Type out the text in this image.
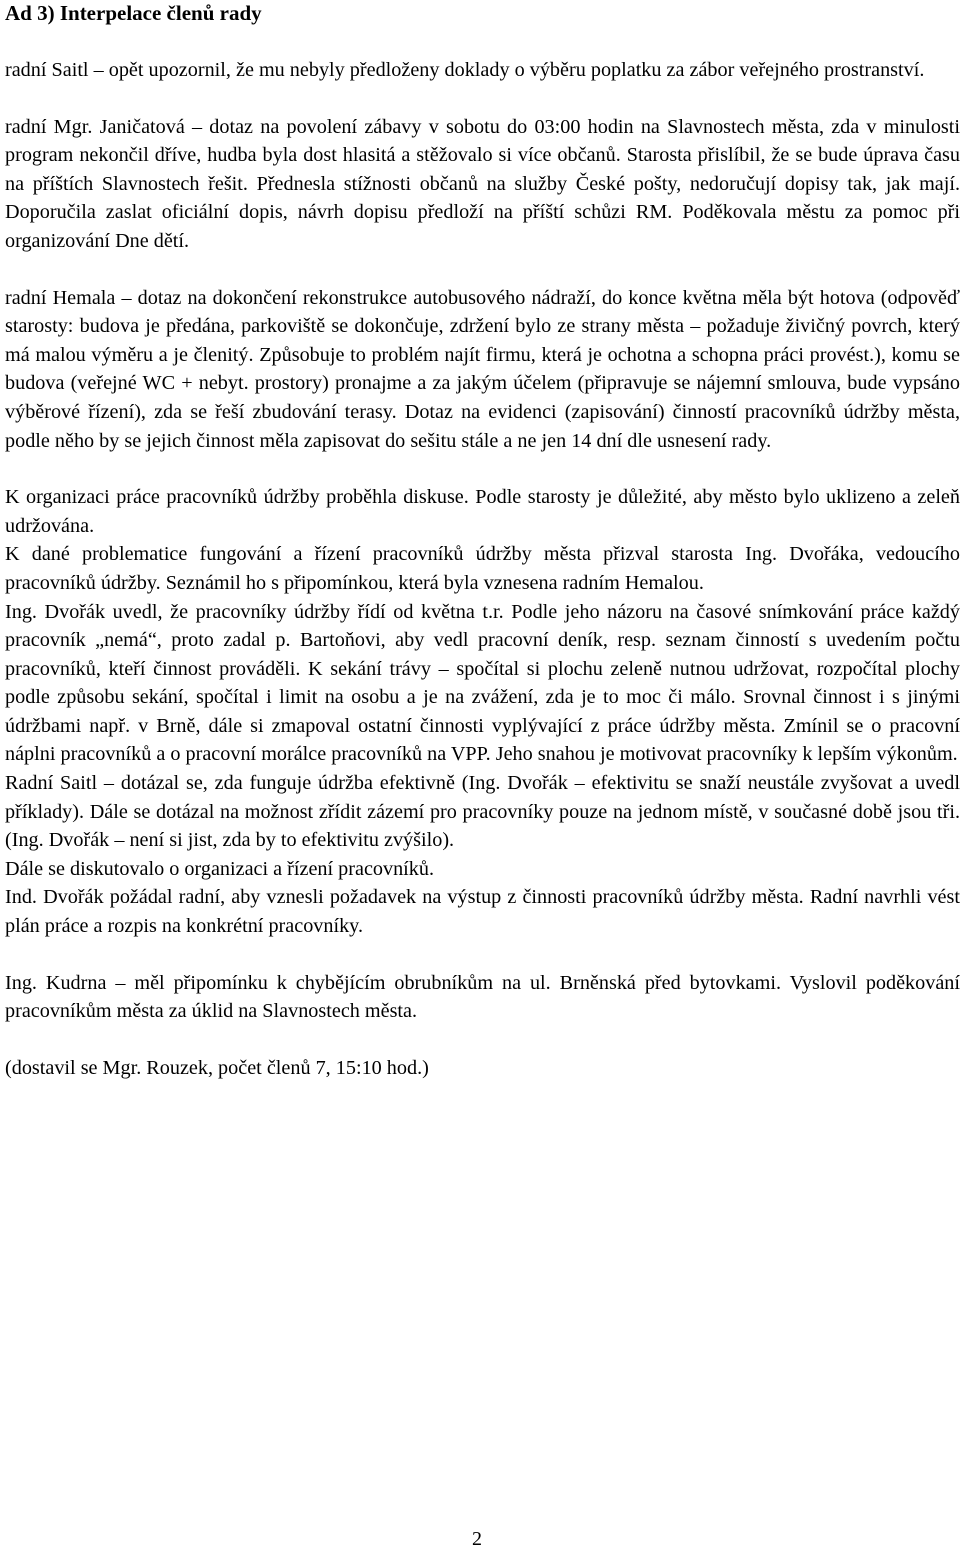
Ad 3) Interpelace členů rady

radní Saitl – opět upozornil, že mu nebyly předloženy doklady o výběru poplatku za zábor veřejného prostranství.

radní Mgr. Janičatová – dotaz na povolení zábavy v sobotu do 03:00 hodin na Slavnostech města, zda v minulosti program nekončil dříve, hudba byla dost hlasitá a stěžovalo si více občanů. Starosta přislíbil, že se bude úprava času na příštích Slavnostech řešit. Přednesla stížnosti občanů na služby České pošty, nedoručují dopisy tak, jak mají. Doporučila zaslat oficiální dopis, návrh dopisu předloží na příští schůzi RM. Poděkovala městu za pomoc při organizování Dne dětí.

radní Hemala – dotaz na dokončení rekonstrukce autobusového nádraží, do konce května měla být hotova (odpověď starosty: budova je předána, parkoviště se dokončuje, zdržení bylo ze strany města – požaduje živičný povrch, který má malou výměru a je členitý. Způsobuje to problém najít firmu, která je ochotna a schopna práci provést.), komu se budova (veřejné WC + nebyt. prostory) pronajme a za jakým účelem (připravuje se nájemní smlouva, bude vypsáno výběrové řízení), zda se řeší zbudování terasy. Dotaz na evidenci (zapisování) činností pracovníků údržby města, podle něho by se jejich činnost měla zapisovat do sešitu stále a ne jen 14 dní dle usnesení rady.

K organizaci práce pracovníků údržby proběhla diskuse. Podle starosty je důležité, aby město bylo uklizeno a zeleň udržována.

K dané problematice fungování a řízení pracovníků údržby města přizval starosta Ing. Dvořáka, vedoucího pracovníků údržby. Seznámil ho s připomínkou, která byla vznesena radním Hemalou.

Ing. Dvořák uvedl, že pracovníky údržby řídí od května t.r. Podle jeho názoru na časové snímkování práce každý pracovník „nemá“, proto zadal p. Bartoňovi, aby vedl pracovní deník, resp. seznam činností s uvedením počtu pracovníků, kteří činnost prováděli. K sekání trávy – spočítal si plochu zeleně nutnou udržovat, rozpočítal plochy podle způsobu sekání, spočítal i limit na osobu a je na zvážení, zda je to moc či málo. Srovnal činnost i s jinými údržbami např. v Brně, dále si zmapoval ostatní činnosti vyplývající z práce údržby města. Zmínil se o pracovní náplni pracovníků a o pracovní morálce pracovníků na VPP. Jeho snahou je motivovat pracovníky k lepším výkonům.

Radní Saitl – dotázal se, zda funguje údržba efektivně (Ing. Dvořák – efektivitu se snaží neustále zvyšovat a uvedl příklady). Dále se dotázal na možnost zřídit zázemí pro pracovníky pouze na jednom místě, v současné době jsou tři. (Ing. Dvořák – není si jist, zda by to efektivitu zvýšilo).

Dále se diskutovalo o organizaci a řízení pracovníků.

Ind. Dvořák požádal radní, aby vznesli požadavek na výstup z činnosti pracovníků údržby města. Radní navrhli vést plán práce a rozpis na konkrétní pracovníky.

Ing. Kudrna – měl připomínku k chybějícím obrubníkům na ul. Brněnská před bytovkami. Vyslovil poděkování pracovníkům města za úklid na Slavnostech města.

(dostavil se Mgr. Rouzek, počet členů 7, 15:10 hod.)

2
